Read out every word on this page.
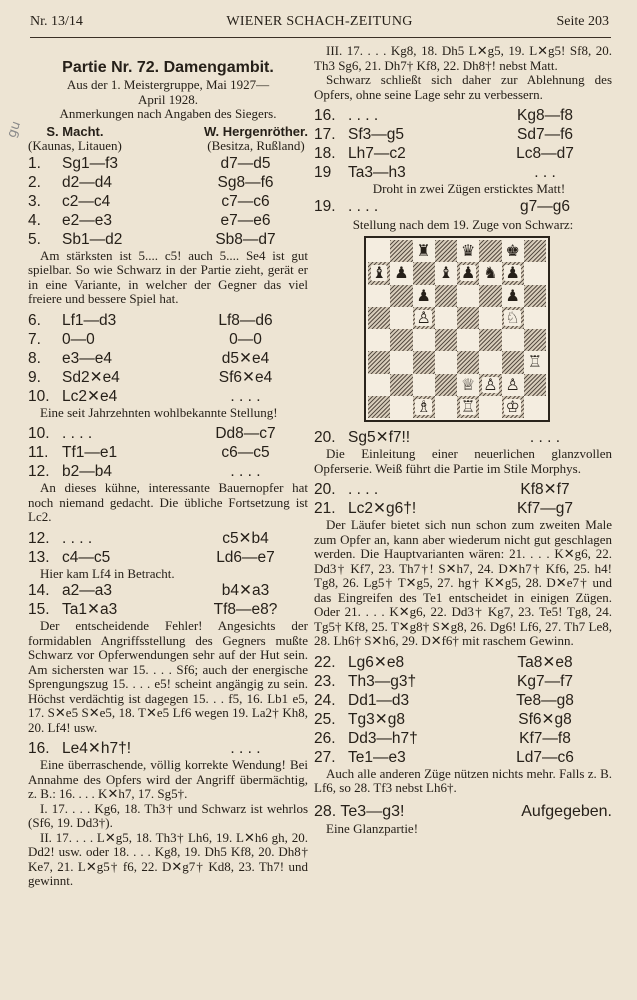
Nr. 13/14	WIENER SCHACH-ZEITUNG	Seite 203
gu
Partie Nr. 72. Damengambit.
Aus der 1. Meistergruppe, Mai 1927—
April 1928.
Anmerkungen nach Angaben des Siegers.
S. Macht.
(Kaunas, Litauen)
W. Hergenröther.
(Besitza, Rußland)
1.	Sg1—f3	d7—d5
2.	d2—d4	Sg8—f6
3.	c2—c4	c7—c6
4.	e2—e3	e7—e6
5.	Sb1—d2	Sb8—d7

Am stärksten ist 5.... c5! auch 5.... Se4 ist gut spielbar. So wie Schwarz in der Partie zieht, gerät er in eine Variante, in welcher der Gegner das viel freiere und bessere Spiel hat.

6.	Lf1—d3	Lf8—d6
7.	0—0	0—0
8.	e3—e4	d5✕e4
9.	Sd2✕e4	Sf6✕e4
10. Lc2✕e4	. . . .

Eine seit Jahrzehnten wohlbekannte Stellung!

10. . . . .	Dd8—c7
11. Tf1—e1	c6—c5
12. b2—b4	. . . .

An dieses kühne, interessante Bauernopfer hat noch niemand gedacht. Die übliche Fortsetzung ist Lc2.

12. . . . .	c5✕b4
13. c4—c5	Ld6—e7

Hier kam Lf4 in Betracht.

14. a2—a3	b4✕a3
15. Ta1✕a3	Tf8—e8?

Der entscheidende Fehler! Angesichts der formidablen Angriffsstellung des Gegners mußte Schwarz vor Opferwendungen sehr auf der Hut sein. Am sichersten war 15. . . . Sf6; auch der energische Sprengungszug 15. . . . e5! scheint angängig zu sein. Höchst verdächtig ist dagegen 15. . . f5, 16. Lb1 e5, 17. S✕e5 S✕e5, 18. T✕e5 Lf6 wegen 19. La2† Kh8, 20. Lf4! usw.

16. Le4✕h7†!	. . . .

Eine überraschende, völlig korrekte Wendung! Bei Annahme des Opfers wird der Angriff übermächtig, z. B.: 16. . . . K✕h7, 17. Sg5†.

I. 17. . . . Kg6, 18. Th3† und Schwarz ist wehrlos (Sf6, 19. Dd3†).

II. 17. . . . L✕g5, 18. Th3† Lh6, 19. L✕h6 gh, 20. Dd2! usw. oder 18. . . . Kg8, 19. Dh5 Kf8, 20. Dh8† Ke7, 21. L✕g5† f6, 22. D✕g7† Kd8, 23. Th7! und gewinnt.

III. 17. . . . Kg8, 18. Dh5 L✕g5, 19. L✕g5! Sf8, 20. Th3 Sg6, 21. Dh7† Kf8, 22. Dh8†! nebst Matt.

Schwarz schließt sich daher zur Ablehnung des Opfers, ohne seine Lage sehr zu verbessern.

16. . . . .	Kg8—f8
17. Sf3—g5	Sd7—f6
18. Lh7—c2	Lc8—d7
19	Ta3—h3	. . .

Droht in zwei Zügen ersticktes Matt!

19. . . . .	g7—g6
Stellung nach dem 19. Zuge von Schwarz:
♜ ♛ ♚
♝ ♟ ♝ ♟ ♞ ♟
♟	♟
♙	♘
♖
♕ ♙ ♙
♗ ♖ ♔
20. Sg5✕f7!!	. . . .

Die Einleitung einer neuerlichen glanzvollen Opferserie. Weiß führt die Partie im Stile Morphys.

20. . . . .	Kf8✕f7
21. Lc2✕g6†!	Kf7—g7

Der Läufer bietet sich nun schon zum zweiten Male zum Opfer an, kann aber wiederum nicht gut geschlagen werden. Die Hauptvarianten wären: 21. . . . K✕g6, 22. Dd3† Kf7, 23. Th7†! S✕h7, 24. D✕h7† Kf6, 25. h4! Tg8, 26. Lg5† T✕g5, 27. hg† K✕g5, 28. D✕e7† und das Eingreifen des Te1 entscheidet in einigen Zügen. Oder 21. . . . K✕g6, 22. Dd3† Kg7, 23. Te5! Tg8, 24. Tg5† Kf8, 25. T✕g8† S✕g8, 26. Dg6! Lf6, 27. Th7 Le8, 28. Lh6† S✕h6, 29. D✕f6† mit raschem Gewinn.

22. Lg6✕e8	Ta8✕e8
23. Th3—g3†	Kg7—f7
24. Dd1—d3	Te8—g8
25. Tg3✕g8	Sf6✕g8
26. Dd3—h7†	Kf7—f8
27. Te1—e3	Ld7—c6

Auch alle anderen Züge nützen nichts mehr. Falls z. B. Lf6, so 28. Tf3 nebst Lh6†.

28. Te3—g3!	Aufgegeben.

Eine Glanzpartie!
